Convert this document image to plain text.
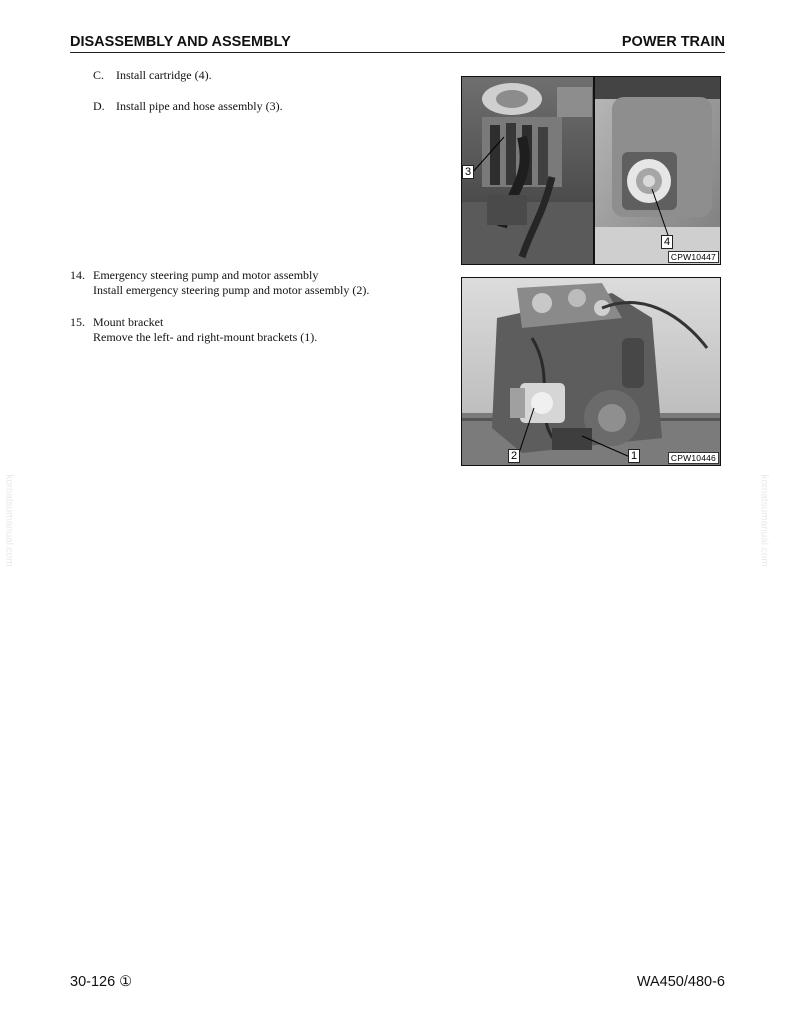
DISASSEMBLY AND ASSEMBLY	POWER TRAIN
C. Install cartridge (4).
D. Install pipe and hose assembly (3).
14. Emergency steering pump and motor assembly
Install emergency steering pump and motor assembly (2).
15. Mount bracket
Remove the left- and right-mount brackets (1).
3
4
CPW10447
2	1	CPW10446
komatsumanual.com	komatsumanual.com
30-126 ①	WA450/480-6
